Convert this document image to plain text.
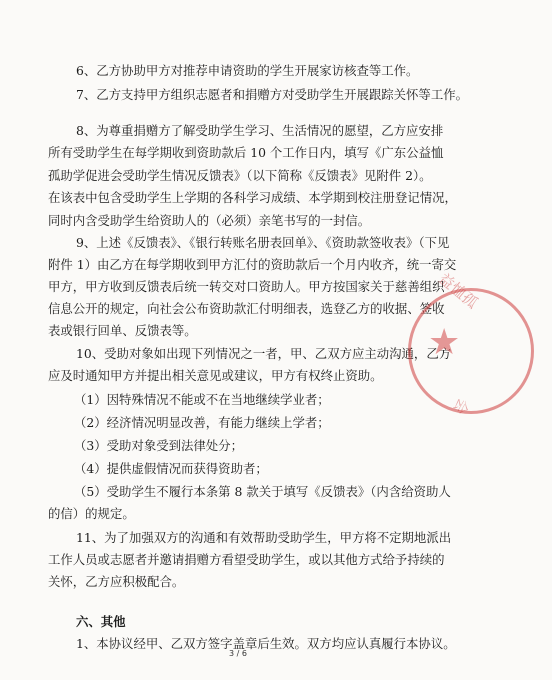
6、乙方协助甲方对推荐申请资助的学生开展家访核查等工作。
7、乙方支持甲方组织志愿者和捐赠方对受助学生开展跟踪关怀等工作。
8、为尊重捐赠方了解受助学生学习、生活情况的愿望，乙方应安排
所有受助学生在每学期收到资助款后 10 个工作日内，填写《广东公益恤
孤助学促进会受助学生情况反馈表》（以下简称《反馈表》见附件 2）。
在该表中包含受助学生上学期的各科学习成绩、本学期到校注册登记情况，
同时内含受助学生给资助人的（必须）亲笔书写的一封信。
9、上述《反馈表》、《银行转账名册表回单》、《资助款签收表》（下见
附件 1）由乙方在每学期收到甲方汇付的资助款后一个月内收齐，统一寄交
甲方，甲方收到反馈表后统一转交对口资助人。甲方按国家关于慈善组织
信息公开的规定，向社会公布资助款汇付明细表，选登乙方的收据、签收
表或银行回单、反馈表等。
10、受助对象如出现下列情况之一者，甲、乙双方应主动沟通，乙方
应及时通知甲方并提出相关意见或建议，甲方有权终止资助。
（1）因特殊情况不能或不在当地继续学业者；
（2）经济情况明显改善，有能力继续上学者；
（3）受助对象受到法律处分；
（4）提供虚假情况而获得资助者；
（5）受助学生不履行本条第 8 款关于填写《反馈表》（内含给资助人
的信）的规定。
11、为了加强双方的沟通和有效帮助受助学生，甲方将不定期地派出
工作人员或志愿者并邀请捐赠方看望受助学生，或以其他方式给予持续的
关怀，乙方应积极配合。
六、其他
1、本协议经甲、乙双方签字盖章后生效。双方均应认真履行本协议。
★
益恤孤
会
3 / 6
